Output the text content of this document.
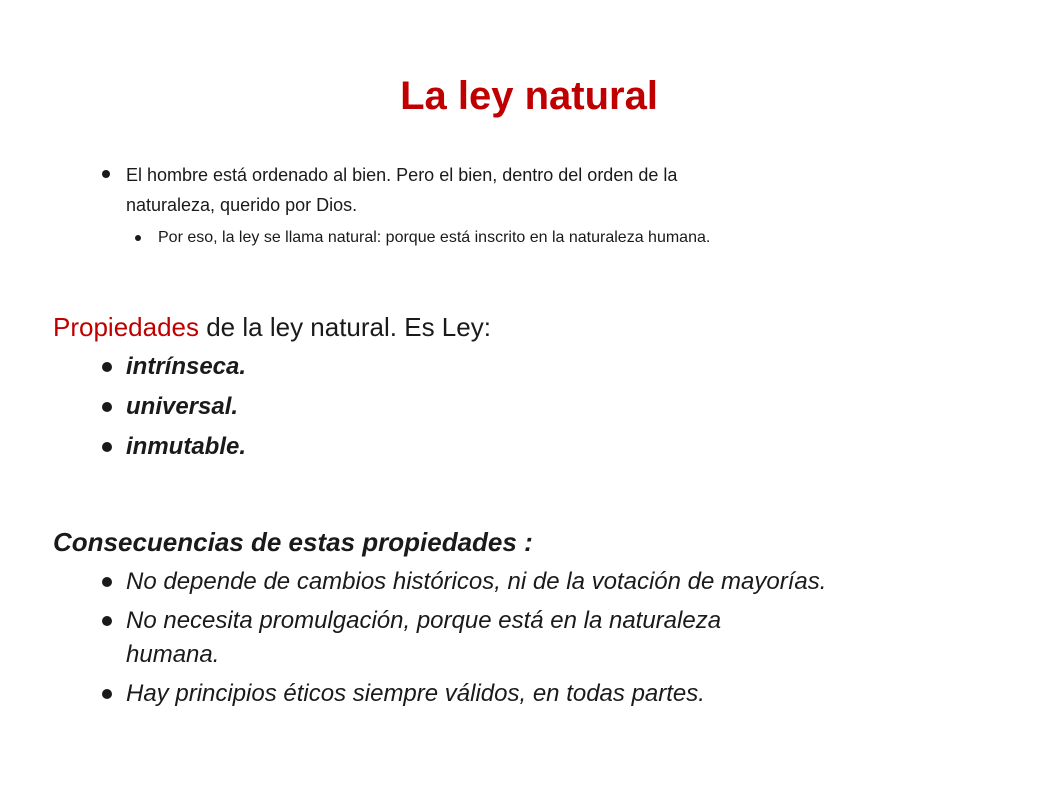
La ley natural
El hombre está ordenado al bien. Pero el bien, dentro del orden de la
naturaleza, querido por Dios.
Por eso, la ley se llama natural: porque está inscrito en la naturaleza humana.
Propiedades de la ley natural. Es Ley:
intrínseca.
universal.
inmutable.
Consecuencias de estas propiedades :
No depende de cambios históricos, ni de la votación de mayorías.
No necesita promulgación, porque está en la naturaleza
humana.
Hay principios éticos siempre válidos, en todas partes.
